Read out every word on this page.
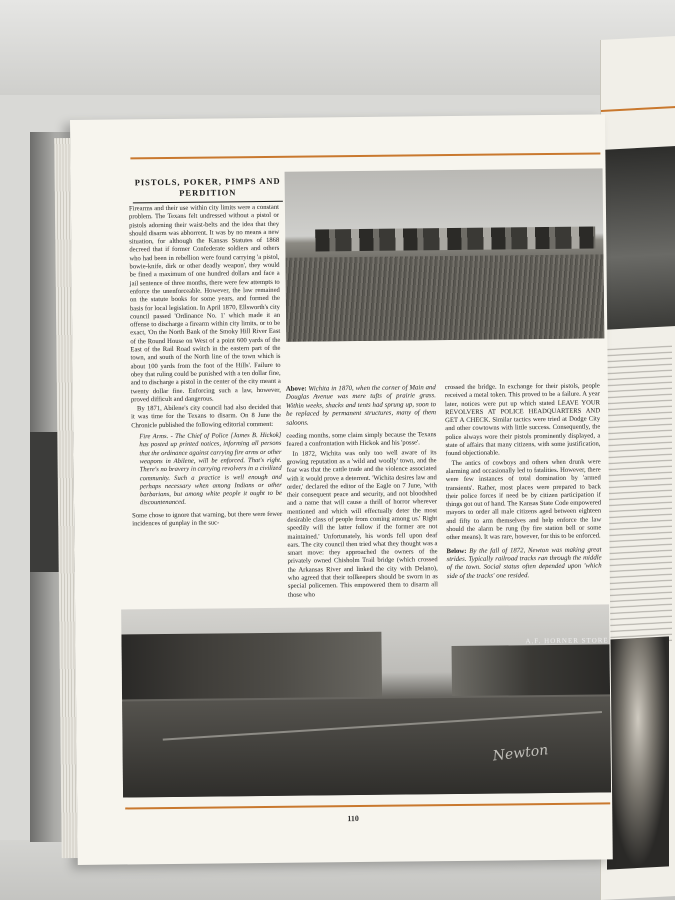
PISTOLS, POKER, PIMPS AND PERDITION

Firearms and their use within city limits were a constant problem. The Texans felt undressed without a pistol or pistols adorning their waist-belts and the idea that they should disarm was abhorrent. It was by no means a new situation, for although the Kansas Statutes of 1868 decreed that if former Confederate soldiers and others who had been in rebellion were found carrying 'a pistol, bowie-knife, dirk or other deadly weapon', they would be fined a maximum of one hundred dollars and face a jail sentence of three months, there were few attempts to enforce the unenforceable. However, the law remained on the statute books for some years, and formed the basis for local legislation. In April 1870, Ellsworth's city council passed 'Ordinance No. 1' which made it an offense to discharge a firearm within city limits, or to be exact, 'On the North Bank of the Smoky Hill River East of the Round House on West of a point 600 yards of the East of the Rail Road switch in the eastern part of the town, and south of the North line of the town which is about 100 yards from the foot of the Hills'. Failure to obey that ruling could be punished with a ten dollar fine, and to discharge a pistol in the center of the city meant a twenty dollar fine. Enforcing such a law, however, proved difficult and dangerous.

By 1871, Abilene's city council had also decided that it was time for the Texans to disarm. On 8 June the Chronicle published the following editorial comment:

Fire Arms. - The Chief of Police [James B. Hickok] has posted up printed notices, informing all persons that the ordinance against carrying fire arms or other weapons in Abilene, will be enforced. That's right. There's no bravery in carrying revolvers in a civilized community. Such a practice is well enough and perhaps necessary when among Indians or other barbarians, but among white people it ought to be discountenanced.

Some chose to ignore that warning, but there were fewer incidences of gunplay in the suc-

Above: Wichita in 1870, when the corner of Main and Douglas Avenue was mere tufts of prairie grass. Within weeks, shacks and tents had sprung up, soon to be replaced by permanent structures, many of them saloons.

ceeding months, some claim simply because the Texans feared a confrontation with Hickok and his 'posse'.

In 1872, Wichita was only too well aware of its growing reputation as a 'wild and woolly' town, and the fear was that the cattle trade and the violence associated with it would prove a deterrent. 'Wichita desires law and order,' declared the editor of the Eagle on 7 June, 'with their consequent peace and security, and not bloodshed and a name that will cause a thrill of horror wherever mentioned and which will effectually deter the most desirable class of people from coming among us.' Right speedily will the latter follow if the former are not maintained.' Unfortunately, his words fell upon deaf ears. The city council then tried what they thought was a smart move: they approached the owners of the privately owned Chisholm Trail bridge (which crossed the Arkansas River and linked the city with Delano), who agreed that their tollkeepers should be sworn in as special policemen. This empowered them to disarm all those who

crossed the bridge. In exchange for their pistols, people received a metal token. This proved to be a failure. A year later, notices were put up which stated LEAVE YOUR REVOLVERS AT POLICE HEADQUARTERS AND GET A CHECK. Similar tactics were tried at Dodge City and other cowtowns with little success. Consequently, the police always wore their pistols prominently displayed, a state of affairs that many citizens, with some justification, found objectionable.

The antics of cowboys and others when drunk were alarming and occasionally led to fatalities. However, there were few instances of total domination by 'armed transients'. Rather, most places were prepared to back their police forces if need be by citizen participation if things got out of hand. The Kansas State Code empowered mayors to order all male citizens aged between eighteen and fifty to arm themselves and help enforce the law should the alarm be rung (by fire station bell or some other means). It was rare, however, for this to be enforced.

Below: By the fall of 1872, Newton was making great strides. Typically railroad tracks ran through the middle of the town. Social status often depended upon 'which side of the tracks' one resided.

A.F. HORNER STORE
Newton
110
